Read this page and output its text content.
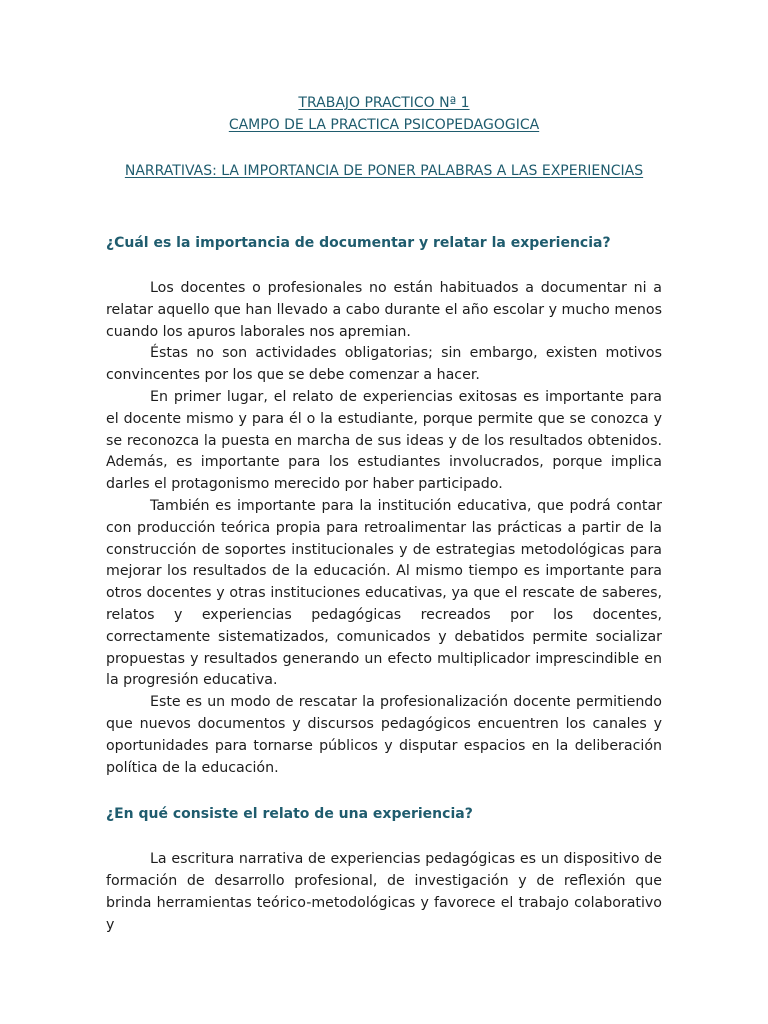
TRABAJO PRACTICO Nª 1
CAMPO DE LA PRACTICA PSICOPEDAGOGICA
NARRATIVAS: LA IMPORTANCIA DE PONER PALABRAS A LAS EXPERIENCIAS
¿Cuál es la importancia de documentar y relatar la experiencia?

Los docentes o profesionales no están habituados a documentar ni a relatar aquello que han llevado a cabo durante el año escolar y mucho menos cuando los apuros laborales nos apremian.

Éstas no son actividades obligatorias; sin embargo, existen motivos convincentes por los que se debe comenzar a hacer.

En primer lugar, el relato de experiencias exitosas es importante para el docente mismo y para él o la estudiante, porque permite que se conozca y se reconozca la puesta en marcha de sus ideas y de los resultados obtenidos. Además, es importante para los estudiantes involucrados, porque implica darles el protagonismo merecido por haber participado.

También es importante para la institución educativa, que podrá contar con producción teórica propia para retroalimentar las prácticas a partir de la construcción de soportes institucionales y de estrategias metodológicas para mejorar los resultados de la educación. Al mismo tiempo es importante para otros docentes y otras instituciones educativas, ya que el rescate de saberes, relatos y experiencias pedagógicas recreados por los docentes, correctamente sistematizados, comunicados y debatidos permite socializar propuestas y resultados generando un efecto multiplicador imprescindible en la progresión educativa.

Este es un modo de rescatar la profesionalización docente permitiendo que nuevos documentos y discursos pedagógicos encuentren los canales y oportunidades para tornarse públicos y disputar espacios en la deliberación política de la educación.

¿En qué consiste el relato de una experiencia?

La escritura narrativa de experiencias pedagógicas es un dispositivo de formación de desarrollo profesional, de investigación y de reflexión que brinda herramientas teórico-metodológicas y favorece el trabajo colaborativo y
